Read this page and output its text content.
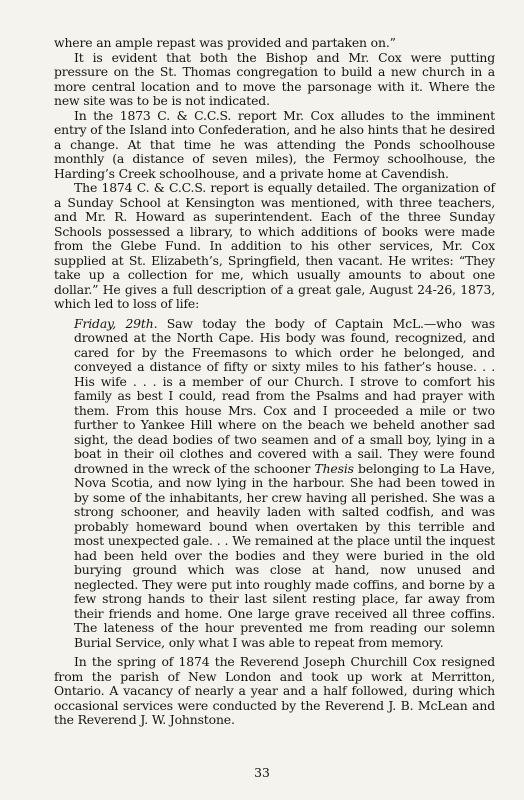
where an ample repast was provided and partaken on.”

It is evident that both the Bishop and Mr. Cox were putting pressure on the St. Thomas congregation to build a new church in a more central location and to move the parsonage with it. Where the new site was to be is not indicated.

In the 1873 C. & C.C.S. report Mr. Cox alludes to the imminent entry of the Island into Confederation, and he also hints that he desired a change. At that time he was attending the Ponds schoolhouse monthly (a distance of seven miles), the Fermoy schoolhouse, the Harding’s Creek schoolhouse, and a private home at Cavendish.

The 1874 C. & C.C.S. report is equally detailed. The organization of a Sunday School at Kensington was mentioned, with three teachers, and Mr. R. Howard as superintendent. Each of the three Sunday Schools possessed a library, to which additions of books were made from the Glebe Fund. In addition to his other services, Mr. Cox supplied at St. Elizabeth’s, Springfield, then vacant. He writes: “They take up a collection for me, which usually amounts to about one dollar.” He gives a full description of a great gale, August 24-26, 1873, which led to loss of life:

Friday, 29th. Saw today the body of Captain McL.—who was drowned at the North Cape. His body was found, recognized, and cared for by the Freemasons to which order he belonged, and conveyed a distance of fifty or sixty miles to his father’s house. . . His wife . . . is a member of our Church. I strove to comfort his family as best I could, read from the Psalms and had prayer with them. From this house Mrs. Cox and I proceeded a mile or two further to Yankee Hill where on the beach we beheld another sad sight, the dead bodies of two seamen and of a small boy, lying in a boat in their oil clothes and covered with a sail. They were found drowned in the wreck of the schooner Thesis belonging to La Have, Nova Scotia, and now lying in the harbour. She had been towed in by some of the inhabitants, her crew having all perished. She was a strong schooner, and heavily laden with salted codfish, and was probably homeward bound when overtaken by this terrible and most unexpected gale. . . We remained at the place until the inquest had been held over the bodies and they were buried in the old burying ground which was close at hand, now unused and neglected. They were put into roughly made coffins, and borne by a few strong hands to their last silent resting place, far away from their friends and home. One large grave received all three coffins. The lateness of the hour prevented me from reading our solemn Burial Service, only what I was able to repeat from memory.

In the spring of 1874 the Reverend Joseph Churchill Cox resigned from the parish of New London and took up work at Merritton, Ontario. A vacancy of nearly a year and a half followed, during which occasional services were conducted by the Reverend J. B. McLean and the Reverend J. W. Johnstone.

33
